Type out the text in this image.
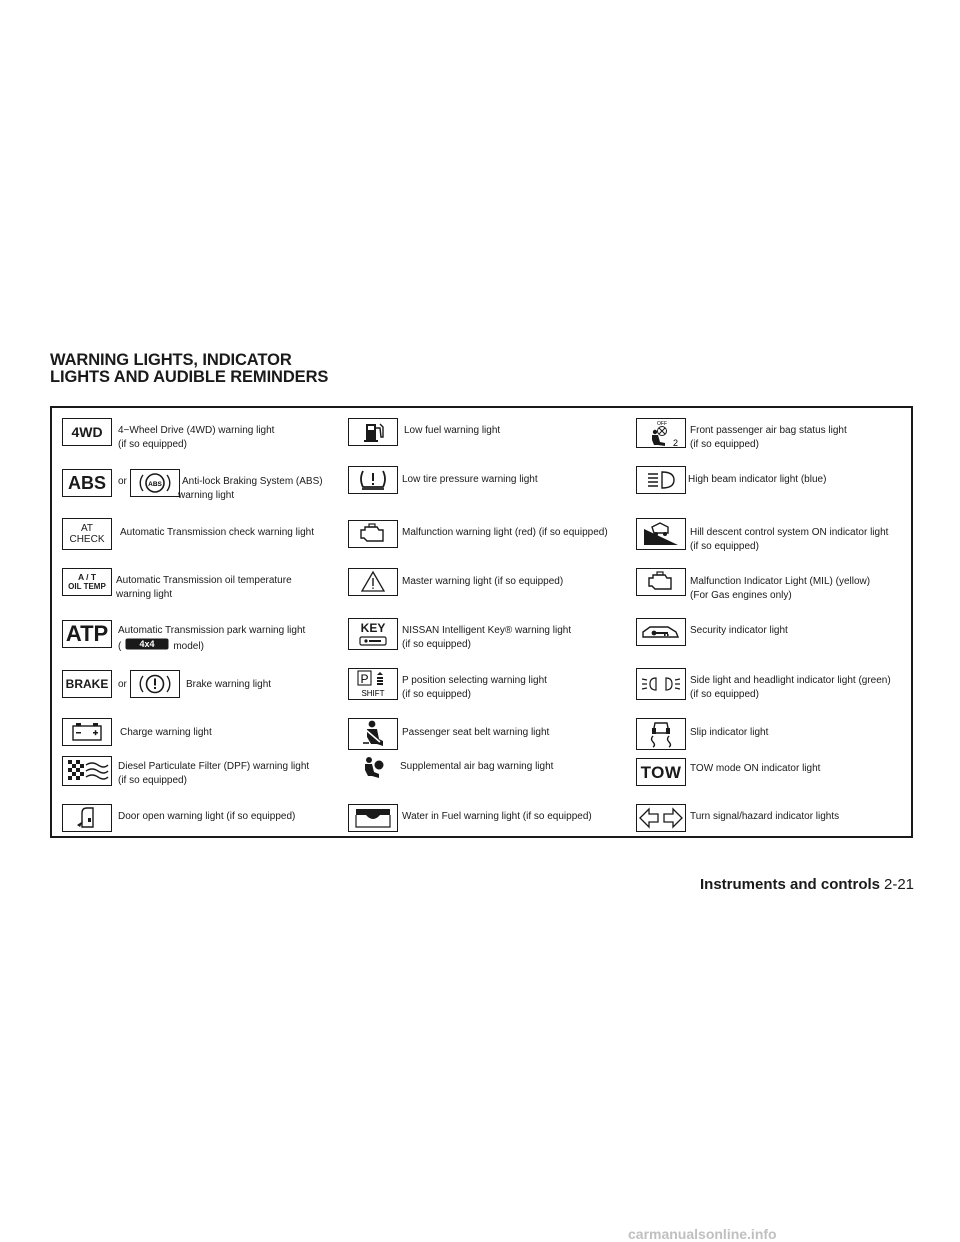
WARNING LIGHTS, INDICATOR
LIGHTS AND AUDIBLE REMINDERS
4WD 4−Wheel Drive (4WD) warning light
(if so equipped)
ABS or	ABS Anti-lock Braking System (ABS)
warning light
AT
CHECK
Automatic Transmission check warning light
A / T
OIL TEMP
Automatic Transmission oil temperature
warning light
ATP Automatic Transmission park warning light
( 4x4 model)
BRAKE or	Brake warning light
Charge warning light
Diesel Particulate Filter (DPF) warning light
(if so equipped)
Door open warning light (if so equipped)
Low fuel warning light
Low tire pressure warning light
Malfunction warning light (red) (if so equipped)
Master warning light (if so equipped)
KEY NISSAN Intelligent Key® warning light
(if so equipped)
P
SHIFT
P position selecting warning light
(if so equipped)
Passenger seat belt warning light
Supplemental air bag warning light
Water in Fuel warning light (if so equipped)
OFF
2
Front passenger air bag status light
(if so equipped)
High beam indicator light (blue)
Hill descent control system ON indicator light
(if so equipped)
Malfunction Indicator Light (MIL) (yellow)
(For Gas engines only)
Security indicator light
Side light and headlight indicator light (green)
(if so equipped)
Slip indicator light
TOW TOW mode ON indicator light
Turn signal/hazard indicator lights
Instruments and controls 2-21
carmanualsonline.info
